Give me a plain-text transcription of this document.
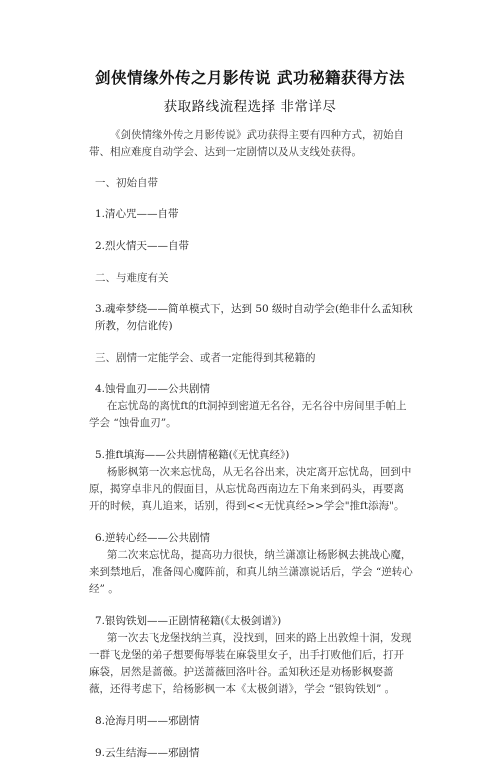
剑侠情缘外传之月影传说 武功秘籍获得方法
获取路线流程选择 非常详尽
《剑侠情缘外传之月影传说》武功获得主要有四种方式，初始自带、相应难度自动学会、达到一定剧情以及从支线处获得。
一、初始自带
1.清心咒——自带
2.烈火情天——自带
二、与难度有关
3.魂牵梦绕——简单模式下，达到 50 级时自动学会(绝非什么孟知秋所教，勿信讹传)
三、剧情一定能学会、或者一定能得到其秘籍的
4.蚀骨血刃——公共剧情
在忘忧岛的离忧ft的ft洞掉到密道无名谷，无名谷中房间里手帕上学会 “蚀骨血刃”。
5.推ft填海——公共剧情秘籍(《无忧真经》)
杨影枫第一次来忘忧岛，从无名谷出来，决定离开忘忧岛，回到中原，揭穿卓非凡的假面目，从忘忧岛西南边左下角来到码头，再要离开的时候，真儿追来，话别，得到<<无忧真经>>学会"推ft添海"。
6.逆转心经——公共剧情
第二次来忘忧岛，提高功力很快，纳兰潇凛让杨影枫去挑战心魔，来到禁地后，准备闯心魔阵前，和真儿纳兰潇凛说话后，学会 “逆转心经” 。
7.银钩铁划——正剧情秘籍(《太极剑谱》)
第一次去飞龙堡找纳兰真，没找到，回来的路上出敦煌十洞，发现一群飞龙堡的弟子想要侮辱装在麻袋里女子，出手打败他们后，打开麻袋，居然是蔷薇。护送蔷薇回洛叶谷。孟知秋还是劝杨影枫娶蔷薇，还得考虑下，给杨影枫一本《太极剑谱》，学会 “银钩铁划” 。
8.沧海月明——邪剧情
9.云生结海——邪剧情
